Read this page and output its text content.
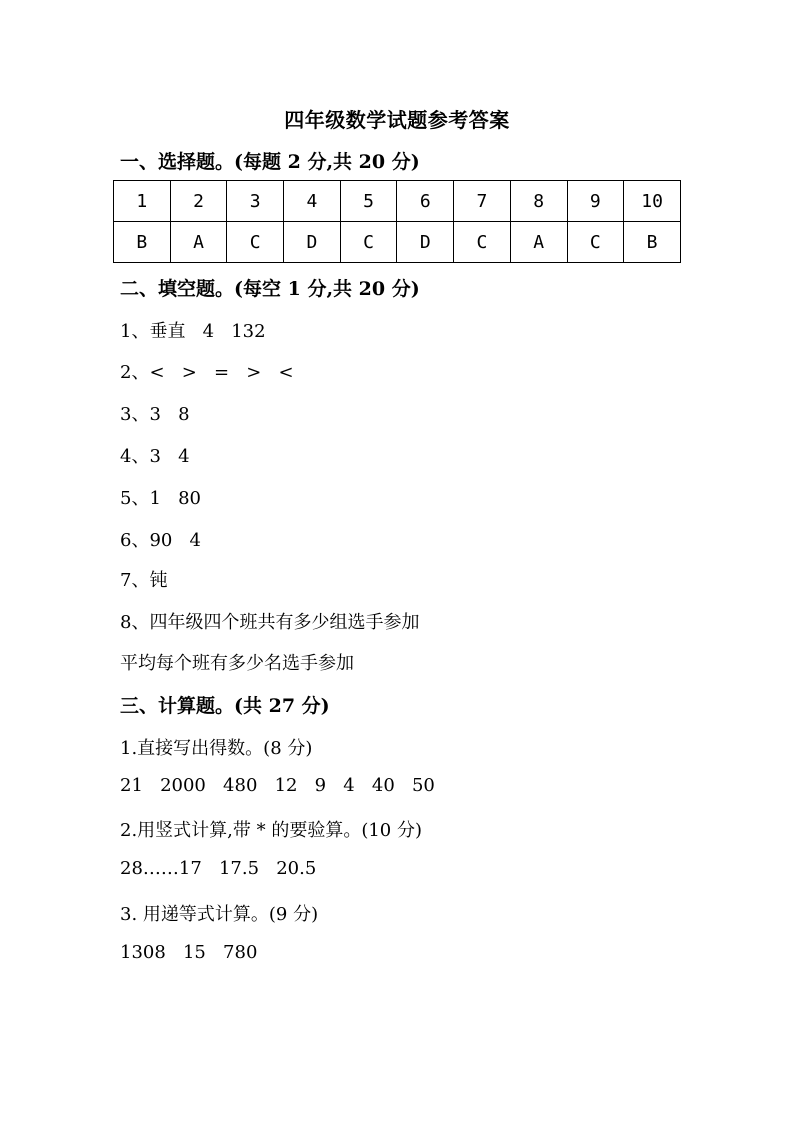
四年级数学试题参考答案
一、选择题。(每题 2 分,共 20 分)
1	2	3	4	5	6	7	8	9	10
B	A	C	D	C	D	C	A	C	B
二、填空题。(每空 1 分,共 20 分)
1、垂直   4   132
2、<   >   =   >   <
3、3   8
4、3   4
5、1   80
6、90   4
7、钝
8、四年级四个班共有多少组选手参加
平均每个班有多少名选手参加
三、计算题。(共 27 分)
1.直接写出得数。(8 分)
21   2000   480   12   9   4   40   50
2.用竖式计算,带 * 的要验算。(10 分)
28……17   17.5   20.5
3. 用递等式计算。(9 分)
1308   15   780
